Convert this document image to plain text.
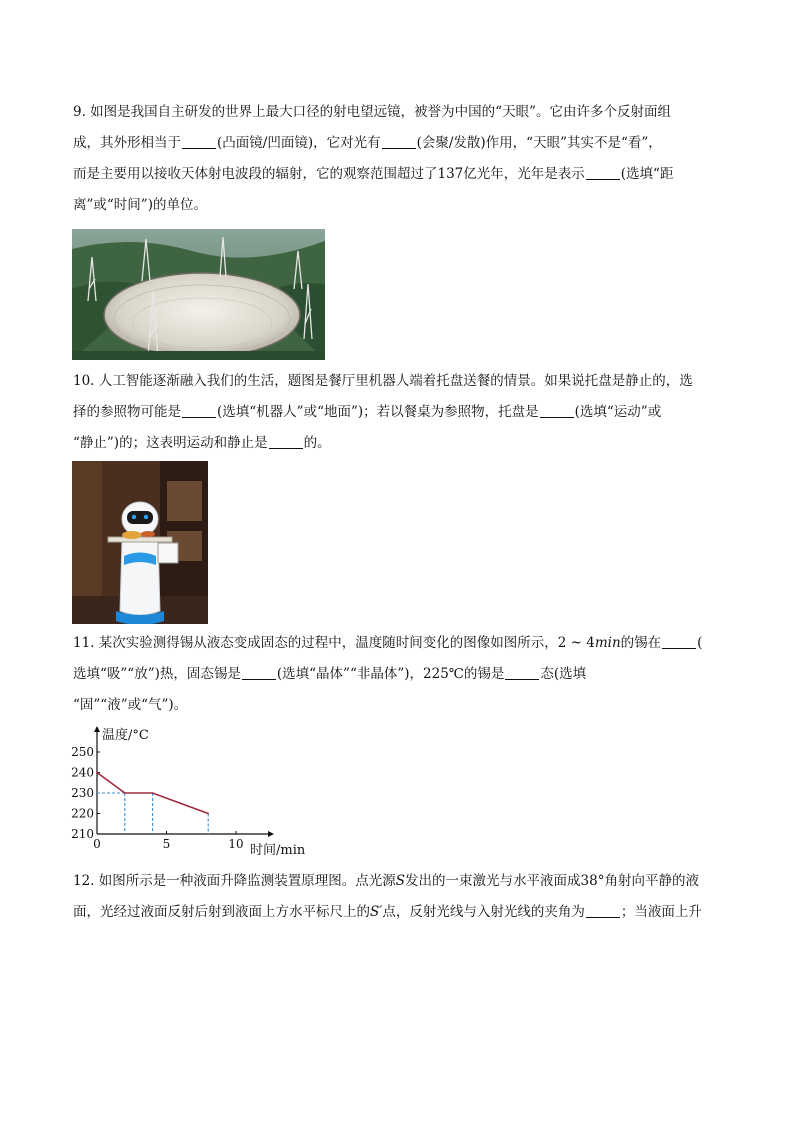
9. 如图是我国自主研发的世界上最大口径的射电望远镜，被誉为中国的“天眼”。它由许多个反射面组
成，其外形相当于	(凸面镜/凹面镜)，它对光有	(会聚/发散)作用，“天眼”其实不是“看”，
而是主要用以接收天体射电波段的辐射，它的观察范围超过了137亿光年，光年是表示	(选填“距
离”或“时间”)的单位。
10. 人工智能逐渐融入我们的生活，题图是餐厅里机器人端着托盘送餐的情景。如果说托盘是静止的，选
择的参照物可能是	(选填“机器人”或“地面”)；若以餐桌为参照物，托盘是	(选填“运动”或
“静止”)的；这表明运动和静止是	的。
11. 某次实验测得锡从液态变成固态的过程中，温度随时间变化的图像如图所示，2 ~ 4min的锡在	(
选填“吸”“放”)热，固态锡是	(选填“晶体”“非晶体”)，225℃的锡是	态(选填
“固”“液”或“气”)。
210
220
230
240
250
0	5	10
温度/°C
时间/min
12. 如图所示是一种液面升降监测装置原理图。点光源S发出的一束激光与水平液面成38°角射向平静的液
面，光经过液面反射后射到液面上方水平标尺上的S′点，反射光线与入射光线的夹角为	；当液面上升
